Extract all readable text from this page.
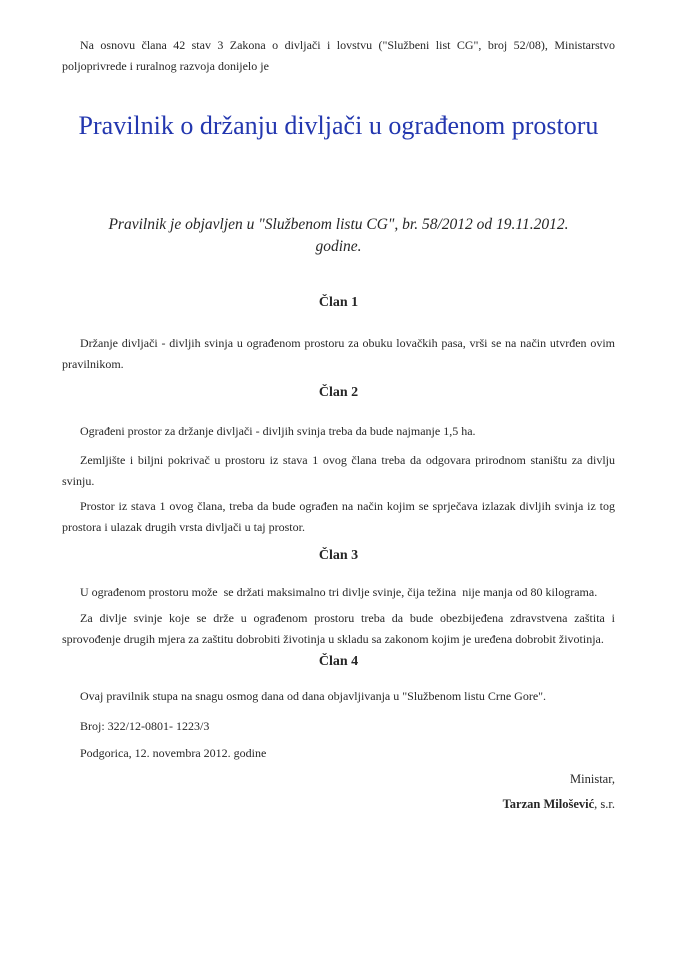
Na osnovu člana 42 stav 3 Zakona o divljači i lovstvu ("Službeni list CG", broj 52/08), Ministarstvo poljoprivrede i ruralnog razvoja donijelo je

Pravilnik o držanju divljači u ograđenom prostoru

Pravilnik je objavljen u "Službenom listu CG", br. 58/2012 od 19.11.2012. godine.

Član 1

Držanje divljači - divljih svinja u ograđenom prostoru za obuku lovačkih pasa, vrši se na način utvrđen ovim pravilnikom.

Član 2

Ograđeni prostor za držanje divljači - divljih svinja treba da bude najmanje 1,5 ha.

Zemljište i biljni pokrivač u prostoru iz stava 1 ovog člana treba da odgovara prirodnom staništu za divlju svinju.

Prostor iz stava 1 ovog člana, treba da bude ograđen na način kojim se sprječava izlazak divljih svinja iz tog prostora i ulazak drugih vrsta divljači u taj prostor.

Član 3

U ograđenom prostoru može  se držati maksimalno tri divlje svinje, čija težina  nije manja od 80 kilograma.

Za divlje svinje koje se drže u ograđenom prostoru treba da bude obezbijeđena zdravstvena zaštita i sprovođenje drugih mjera za zaštitu dobrobiti životinja u skladu sa zakonom kojim je uređena dobrobit životinja.

Član 4

Ovaj pravilnik stupa na snagu osmog dana od dana objavljivanja u "Službenom listu Crne Gore".

Broj: 322/12-0801- 1223/3

Podgorica, 12. novembra 2012. godine

Ministar,

Tarzan Milošević, s.r.
